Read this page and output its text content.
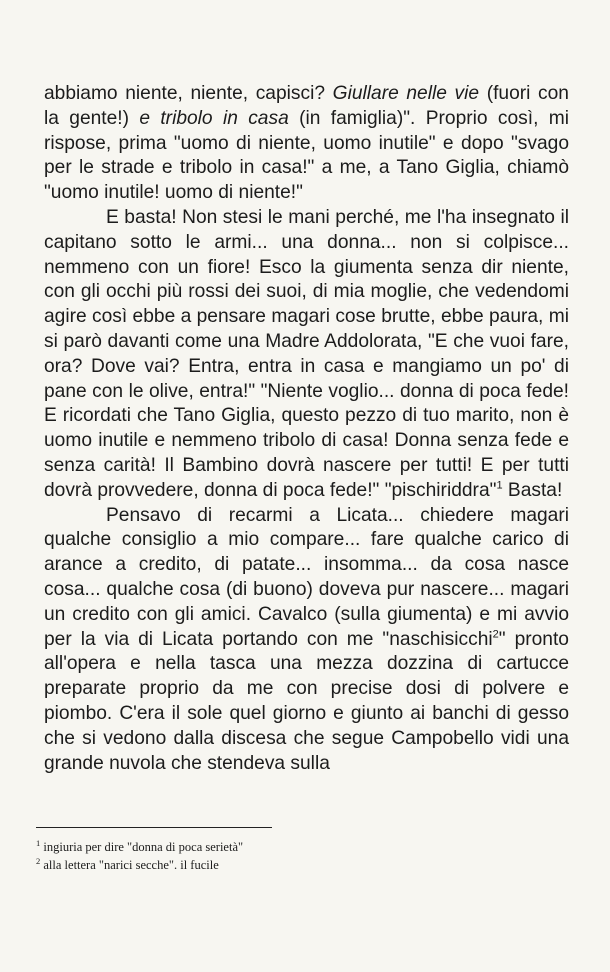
abbiamo niente, niente, capisci? Giullare nelle vie (fuori con la gente!) e tribolo in casa (in famiglia)". Proprio così, mi rispose, prima "uomo di niente, uomo inutile" e dopo "svago per le strade e tribolo in casa!" a me, a Tano Giglia, chiamò "uomo inutile! uomo di niente!"

E basta! Non stesi le mani perché, me l'ha insegnato il capitano sotto le armi... una donna... non si colpisce... nemmeno con un fiore! Esco la giumenta senza dir niente, con gli occhi più rossi dei suoi, di mia moglie, che vedendomi agire così ebbe a pensare magari cose brutte, ebbe paura, mi si parò davanti come una Madre Addolorata, "E che vuoi fare, ora? Dove vai? Entra, entra in casa e mangiamo un po' di pane con le olive, entra!" "Niente voglio... donna di poca fede! E ricordati che Tano Giglia, questo pezzo di tuo marito, non è uomo inutile e nemmeno tribolo di casa! Donna senza fede e senza carità! Il Bambino dovrà nascere per tutti! E per tutti dovrà provvedere, donna di poca fede!" "pischiriddra"$^1$ Basta!

Pensavo di recarmi a Licata... chiedere magari qualche consiglio a mio compare... fare qualche carico di arance a credito, di patate... insomma... da cosa nasce cosa... qualche cosa (di buono) doveva pur nascere... magari un credito con gli amici. Cavalco (sulla giumenta) e mi avvio per la via di Licata portando con me "naschisicchi$^2$" pronto all'opera e nella tasca una mezza dozzina di cartucce preparate proprio da me con precise dosi di polvere e piombo. C'era il sole quel giorno e giunto ai banchi di gesso che si vedono dalla discesa che segue Campobello vidi una grande nuvola che stendeva sulla

$^1$ ingiuria per dire "donna di poca serietà"

$^2$ alla lettera "narici secche". il fucile
